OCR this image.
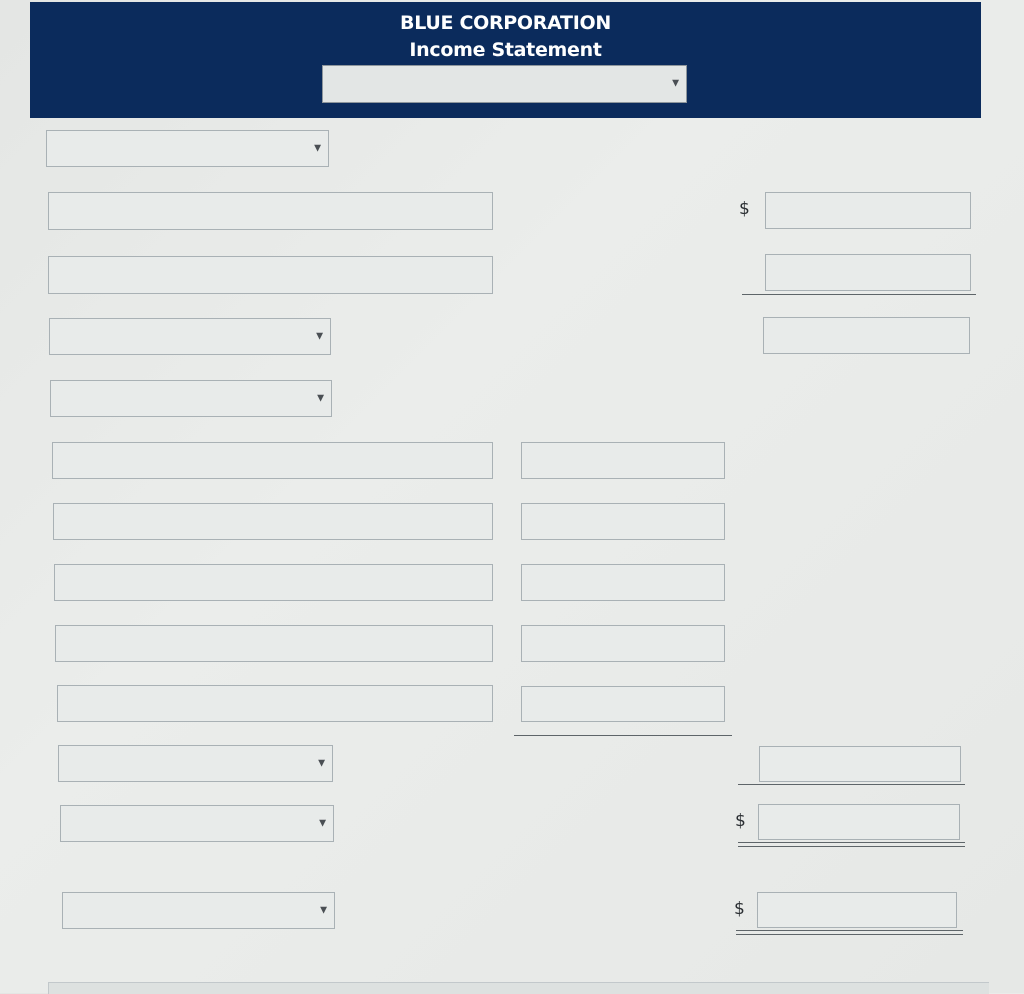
BLUE CORPORATION
Income Statement
▼
▼
$
▼
▼
▼
▼	$
▼	$
